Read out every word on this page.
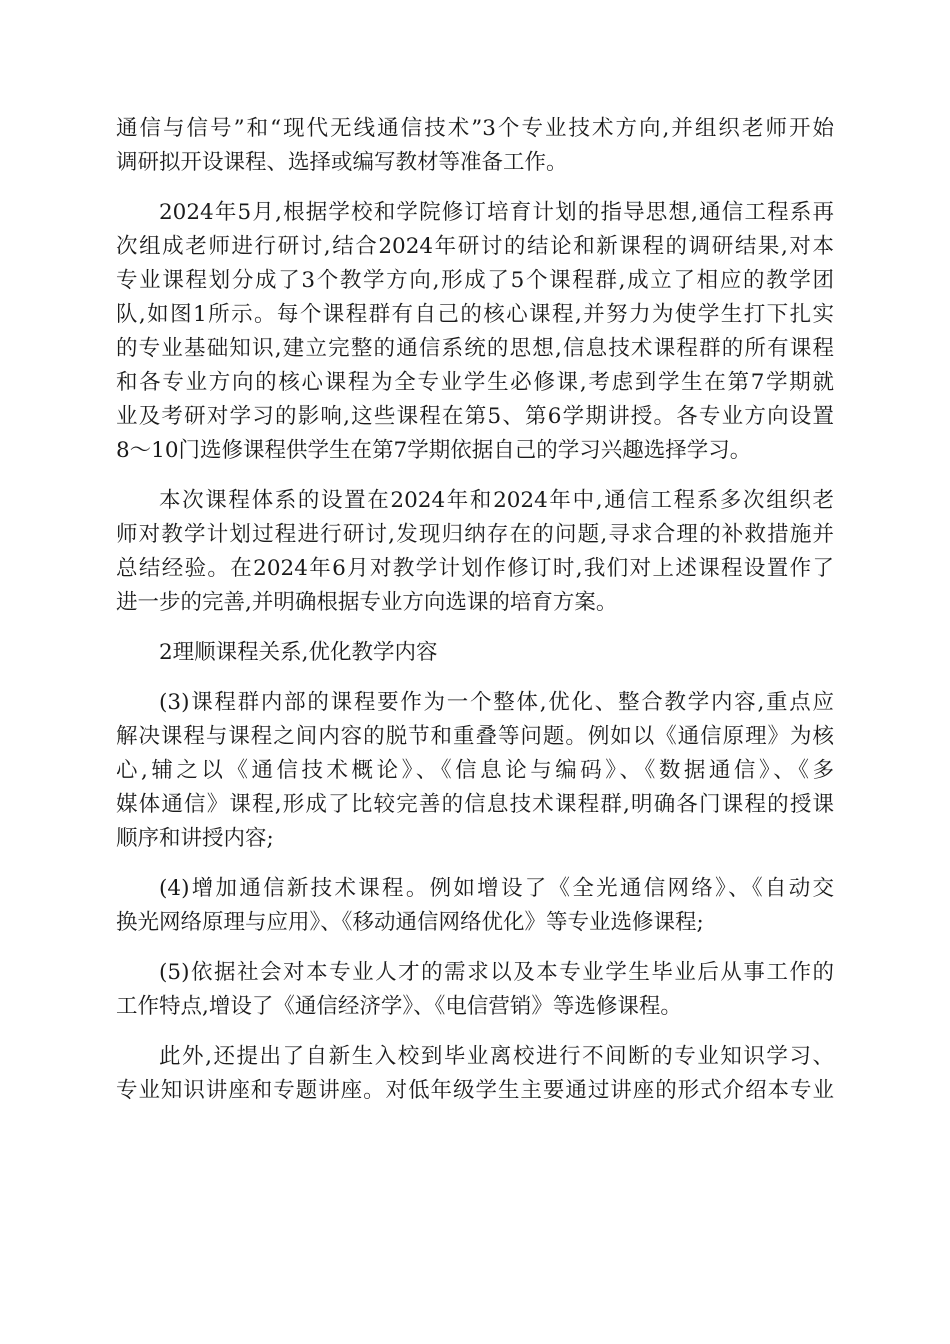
通信与信号”和“现代无线通信技术”3个专业技术方向,并组织老师开始
调研拟开设课程、选择或编写教材等准备工作。
2024年5月,根据学校和学院修订培育计划的指导思想,通信工程系再
次组成老师进行研讨,结合2024年研讨的结论和新课程的调研结果,对本
专业课程划分成了3个教学方向,形成了5个课程群,成立了相应的教学团
队,如图1所示。每个课程群有自己的核心课程,并努力为使学生打下扎实
的专业基础知识,建立完整的通信系统的思想,信息技术课程群的所有课程
和各专业方向的核心课程为全专业学生必修课,考虑到学生在第7学期就
业及考研对学习的影响,这些课程在第5、第6学期讲授。各专业方向设置
8～10门选修课程供学生在第7学期依据自己的学习兴趣选择学习。
本次课程体系的设置在2024年和2024年中,通信工程系多次组织老
师对教学计划过程进行研讨,发现归纳存在的问题,寻求合理的补救措施并
总结经验。在2024年6月对教学计划作修订时,我们对上述课程设置作了
进一步的完善,并明确根据专业方向选课的培育方案。
2理顺课程关系,优化教学内容
(3)课程群内部的课程要作为一个整体,优化、整合教学内容,重点应
解决课程与课程之间内容的脱节和重叠等问题。例如以《通信原理》为核
心,辅之以《通信技术概论》、《信息论与编码》、《数据通信》、《多
媒体通信》课程,形成了比较完善的信息技术课程群,明确各门课程的授课
顺序和讲授内容;
(4)增加通信新技术课程。例如增设了《全光通信网络》、《自动交
换光网络原理与应用》、《移动通信网络优化》等专业选修课程;
(5)依据社会对本专业人才的需求以及本专业学生毕业后从事工作的
工作特点,增设了《通信经济学》、《电信营销》等选修课程。
此外,还提出了自新生入校到毕业离校进行不间断的专业知识学习、
专业知识讲座和专题讲座。对低年级学生主要通过讲座的形式介绍本专业
